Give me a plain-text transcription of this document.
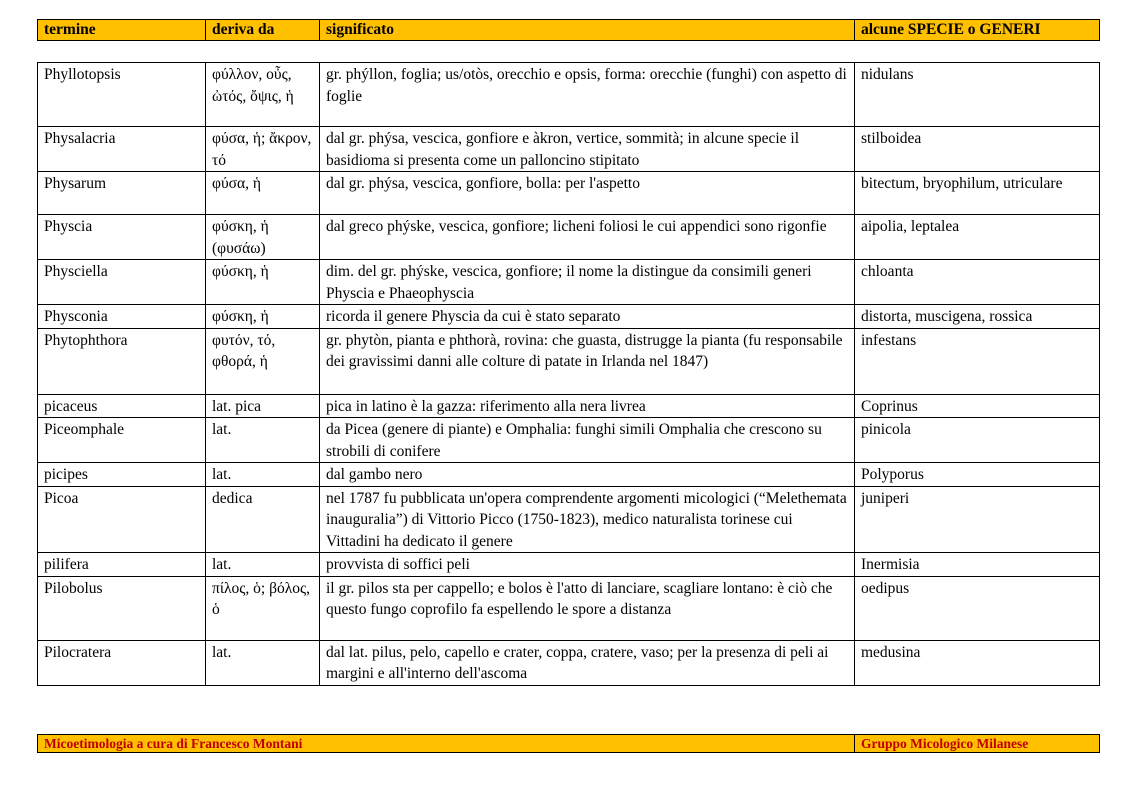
termine	deriva da	significato	alcune SPECIE o GENERI
Phyllotopsis	φύλλον, οὖς, ὠτός, ὄψις, ἡ	gr. phýllon, foglia; us/otòs, orecchio e opsis, forma: orecchie (funghi) con aspetto di foglie	nidulans
Physalacria	φύσα, ἡ; ἄκρον, τό	dal gr. phýsa, vescica, gonfiore e àkron, vertice, sommità; in alcune specie il basidioma si presenta come un palloncino stipitato	stilboidea
Physarum	φύσα, ἡ	dal gr. phýsa, vescica, gonfiore, bolla: per l'aspetto	bitectum, bryophilum, utriculare
Physcia	φύσκη, ἡ (φυσάω)	dal greco phýske, vescica, gonfiore; licheni foliosi le cui appendici sono rigonfie	aipolia, leptalea
Physciella	φύσκη, ἡ	dim. del gr. phýske, vescica, gonfiore; il nome la distingue da consimili generi Physcia e Phaeophyscia	chloanta
Physconia	φύσκη, ἡ	ricorda il genere Physcia da cui è stato separato	distorta, muscigena, rossica
Phytophthora	φυτόν, τό, φθορά, ἡ	gr. phytòn, pianta e phthorà, rovina: che guasta, distrugge la pianta (fu responsabile dei gravissimi danni alle colture di patate in Irlanda nel 1847)	infestans
picaceus	lat. pica	pica in latino è la gazza: riferimento alla nera livrea	Coprinus
Piceomphale	lat.	da Picea (genere di piante) e Omphalia: funghi simili Omphalia che crescono su strobili di conifere	pinicola
picipes	lat.	dal gambo nero	Polyporus
Picoa	dedica	nel 1787 fu pubblicata un'opera comprendente argomenti micologici (“Melethemata inauguralia”) di Vittorio Picco (1750-1823), medico naturalista torinese cui Vittadini ha dedicato il genere	juniperi
pilifera	lat.	provvista di soffici peli	Inermisia
Pilobolus	πίλος, ὁ; βόλος, ὁ	il gr. pilos sta per cappello; e bolos è l'atto di lanciare, scagliare lontano: è ciò che questo fungo coprofilo fa espellendo le spore a distanza	oedipus
Pilocratera	lat.	dal lat. pilus, pelo, capello e crater, coppa, cratere, vaso; per la presenza di peli ai margini e all'interno dell'ascoma	medusina
Micoetimologia a cura di Francesco Montani	Gruppo Micologico Milanese
